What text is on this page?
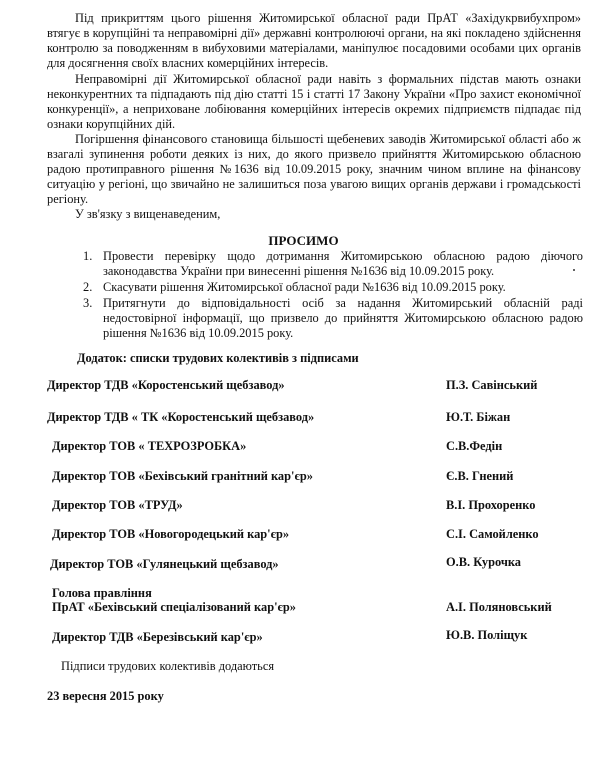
Під прикриттям цього рішення Житомирської обласної ради ПрАТ «Західукрвибухпром» втягує в корупційні та неправомірні дії» державні контролюючі органи, на які покладено здійснення контролю за поводженням в вибуховими матеріалами, маніпулює посадовими особами цих органів для досягнення своїх власних комерційних інтересів.

Неправомірні дії Житомирської обласної ради навіть з формальних підстав мають ознаки неконкурентних та підпадають під дію статті 15 і статті 17 Закону України «Про захист економічної конкуренції», а неприховане лобіювання комерційних інтересів окремих підприємств підпадає під ознаки корупційних дій.

Погіршення фінансового становища більшості щебеневих заводів Житомирської області або ж взагалі зупинення роботи деяких із них, до якого призвело прийняття Житомирською обласною радою протиправного рішення №1636 від 10.09.2015 року, значним чином вплине на фінансову ситуацію у регіоні, що звичайно не залишиться поза увагою вищих органів держави і громадськості регіону.

У зв'язку з вищенаведеним,

ПРОСИМО
1. Провести перевірку щодо дотримання Житомирською обласною радою діючого законодавства України при винесенні рішення №1636 від 10.09.2015 року.
2. Скасувати рішення Житомирської обласної ради №1636 від 10.09.2015 року.
3. Притягнути до відповідальності осіб за надання Житомирський обласній раді недостовірної інформації, що призвело до прийняття Житомирською обласною радою рішення №1636 від 10.09.2015 року.
Додаток: списки трудових колективів з підписами
Директор ТДВ «Коростенський щебзавод»	П.З. Савінський
Директор ТДВ « ТК «Коростенський щебзавод»	Ю.Т. Біжан
Директор ТОВ « ТЕХРОЗРОБКА»	С.В.Федін
Директор ТОВ «Бехівський гранітний кар'єр»	Є.В. Гнений
Директор ТОВ «ТРУД»	В.І. Прохоренко
Директор ТОВ «Новогородецький кар'єр»	С.І. Самойленко
Директор ТОВ «Гулянецький щебзавод»	О.В. Курочка
Голова правління
ПрАТ «Бехівський спеціалізований кар'єр»	А.І. Поляновський
Директор ТДВ «Березівський кар'єр»	Ю.В. Поліщук
Підписи трудових колективів додаються
23 вересня 2015 року
